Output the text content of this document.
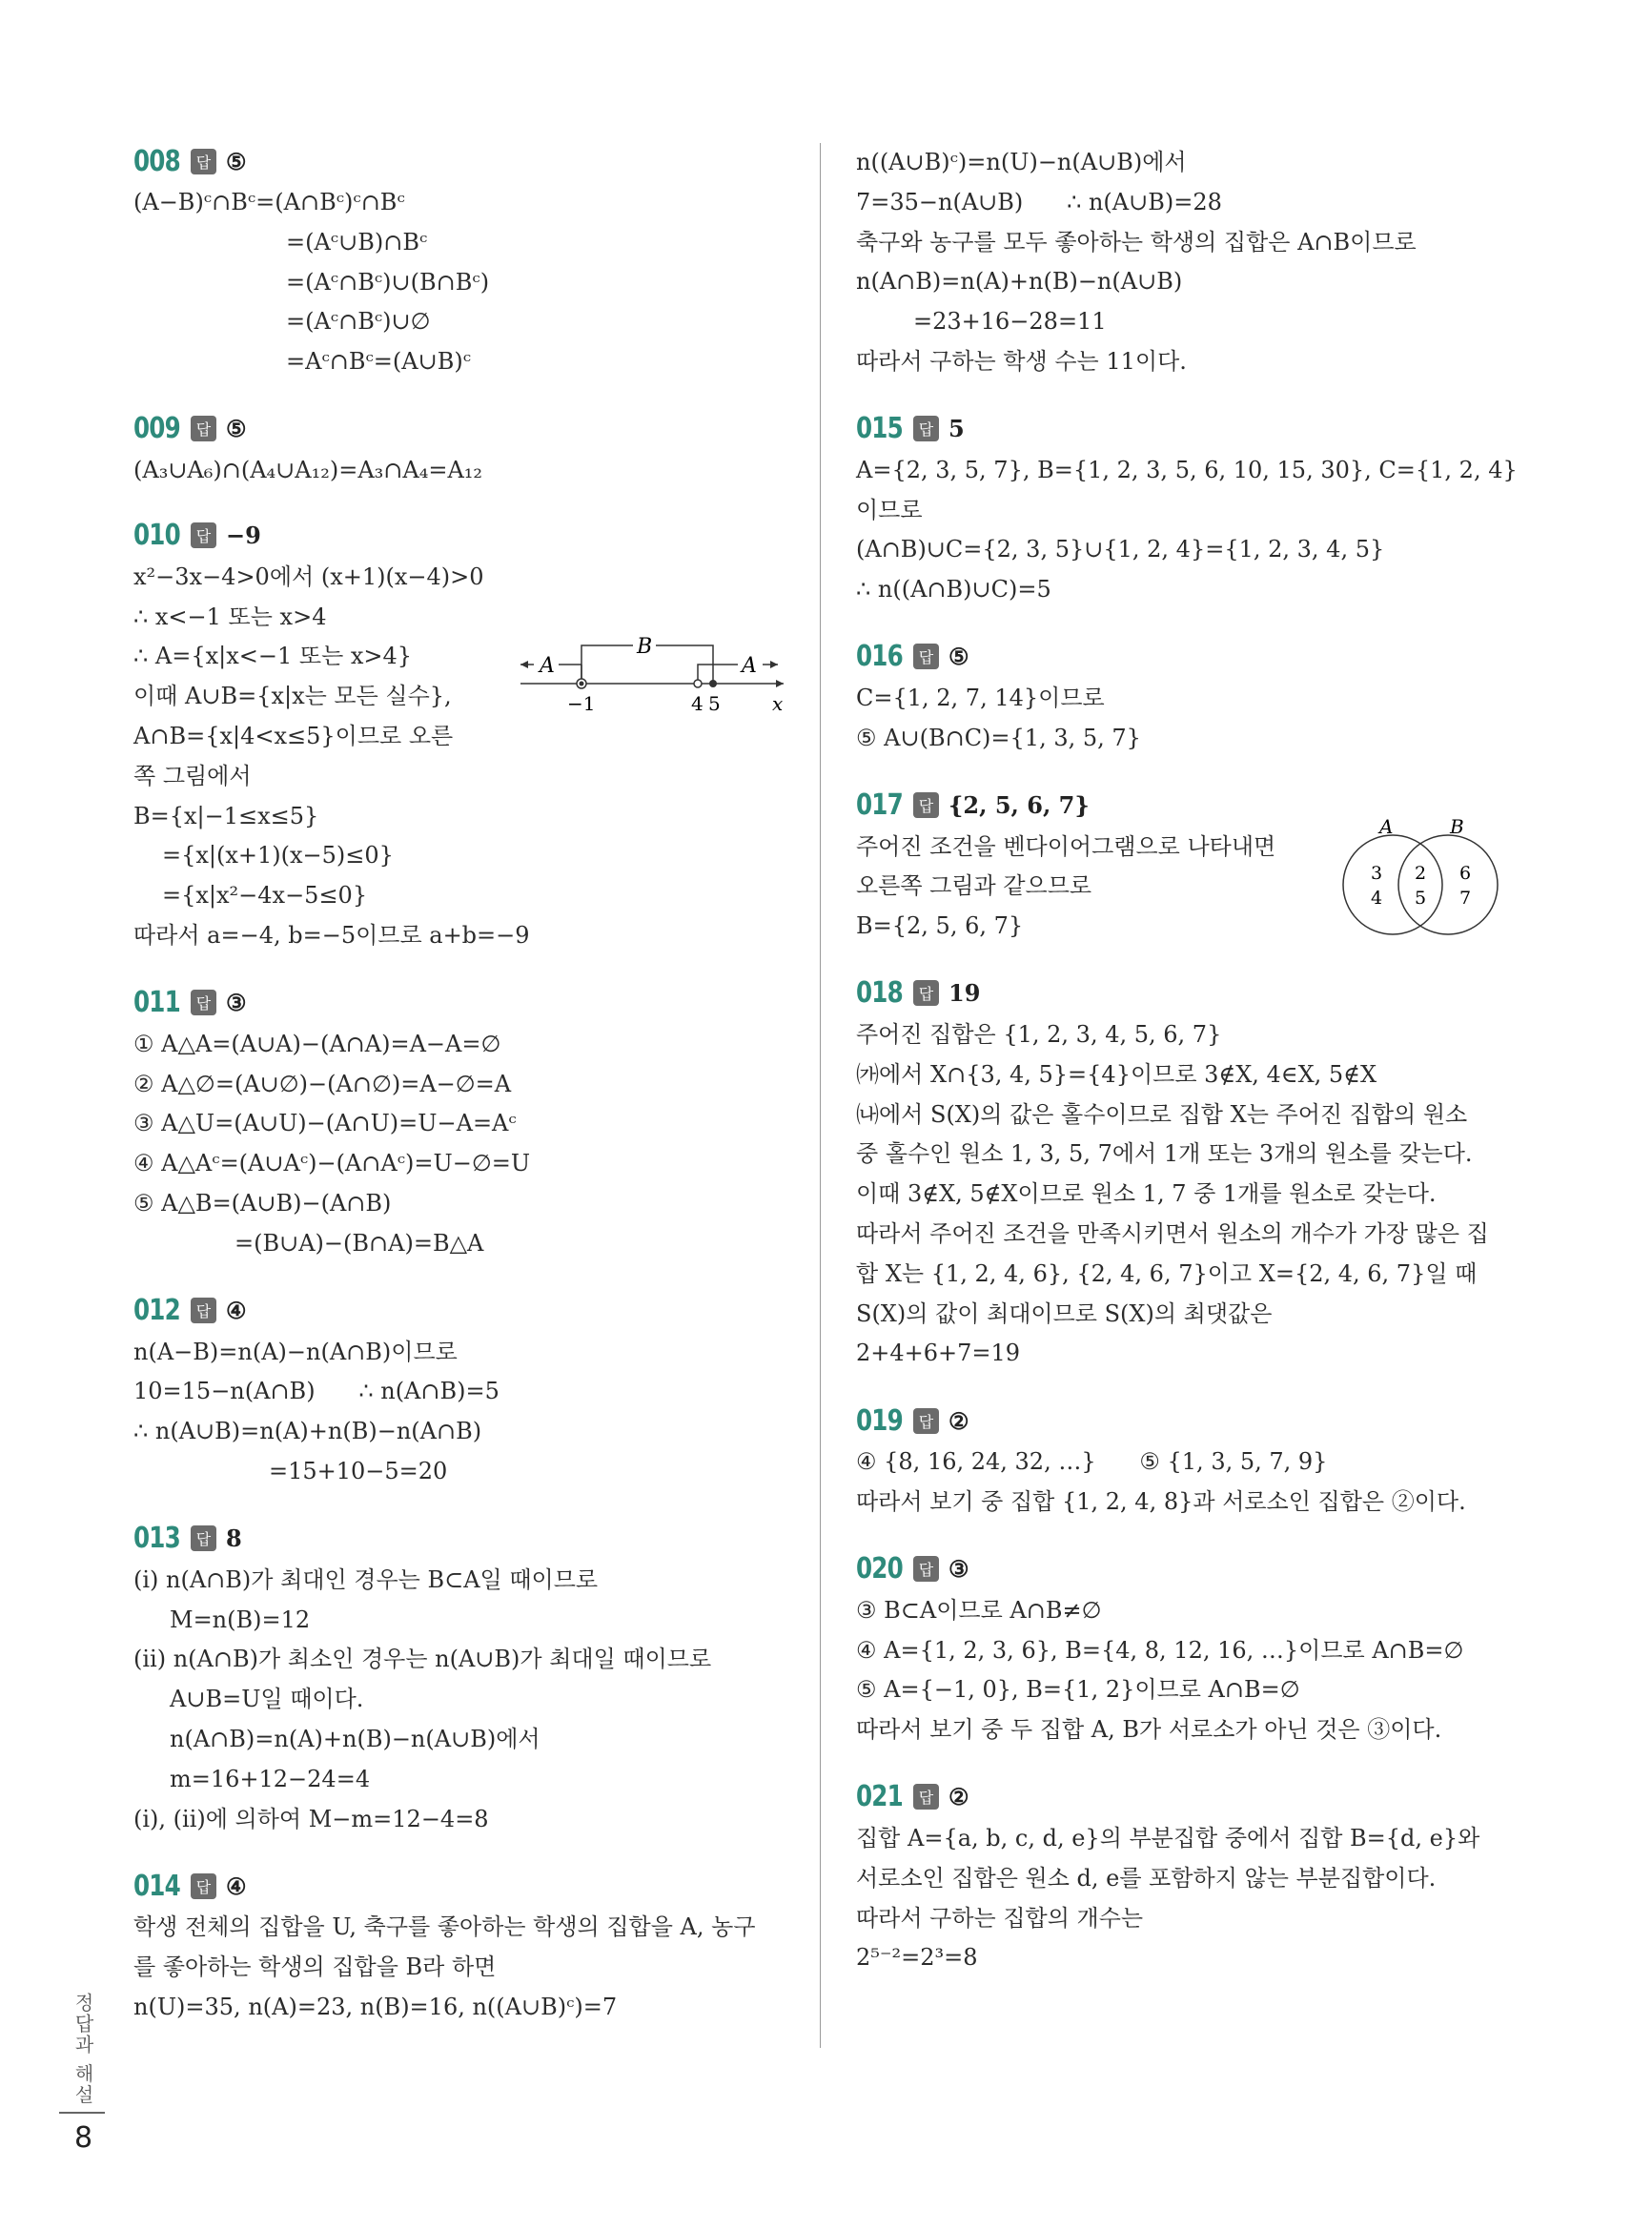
008	답 ⑤
(A−B)ᶜ∩Bᶜ=(A∩Bᶜ)ᶜ∩Bᶜ
=(Aᶜ∪B)∩Bᶜ
=(Aᶜ∩Bᶜ)∪(B∩Bᶜ)
=(Aᶜ∩Bᶜ)∪∅
=Aᶜ∩Bᶜ=(A∪B)ᶜ
009	답 ⑤
(A₃∪A₆)∩(A₄∪A₁₂)=A₃∩A₄=A₁₂
010	답 −9
x²−3x−4>0에서 (x+1)(x−4)>0
∴ x<−1 또는 x>4
∴ A={x|x<−1 또는 x>4}
이때 A∪B={x|x는 모든 실수},
A∩B={x|4<x≤5}이므로 오른
쪽 그림에서
B={x|−1≤x≤5}
={x|(x+1)(x−5)≤0}
={x|x²−4x−5≤0}
따라서 a=−4, b=−5이므로 a+b=−9
A
B
A
−1	4 5	x
011	답 ③
① A△A=(A∪A)−(A∩A)=A−A=∅
② A△∅=(A∪∅)−(A∩∅)=A−∅=A
③ A△U=(A∪U)−(A∩U)=U−A=Aᶜ
④ A△Aᶜ=(A∪Aᶜ)−(A∩Aᶜ)=U−∅=U
⑤ A△B=(A∪B)−(A∩B)
=(B∪A)−(B∩A)=B△A
012	답 ④
n(A−B)=n(A)−n(A∩B)이므로
10=15−n(A∩B)      ∴ n(A∩B)=5
∴ n(A∪B)=n(A)+n(B)−n(A∩B)
=15+10−5=20
013	답 8
(ⅰ) n(A∩B)가 최대인 경우는 B⊂A일 때이므로
M=n(B)=12
(ⅱ) n(A∩B)가 최소인 경우는 n(A∪B)가 최대일 때이므로
A∪B=U일 때이다.
n(A∩B)=n(A)+n(B)−n(A∪B)에서
m=16+12−24=4
(ⅰ), (ⅱ)에 의하여 M−m=12−4=8
014	답 ④
학생 전체의 집합을 U, 축구를 좋아하는 학생의 집합을 A, 농구
를 좋아하는 학생의 집합을 B라 하면
n(U)=35, n(A)=23, n(B)=16, n((A∪B)ᶜ)=7
n((A∪B)ᶜ)=n(U)−n(A∪B)에서
7=35−n(A∪B)      ∴ n(A∪B)=28
축구와 농구를 모두 좋아하는 학생의 집합은 A∩B이므로
n(A∩B)=n(A)+n(B)−n(A∪B)
=23+16−28=11
따라서 구하는 학생 수는 11이다.
015	답 5
A={2, 3, 5, 7}, B={1, 2, 3, 5, 6, 10, 15, 30}, C={1, 2, 4}
이므로
(A∩B)∪C={2, 3, 5}∪{1, 2, 4}={1, 2, 3, 4, 5}
∴ n((A∩B)∪C)=5
016	답 ⑤
C={1, 2, 7, 14}이므로
⑤ A∪(B∩C)={1, 3, 5, 7}
017	답 {2, 5, 6, 7}
주어진 조건을 벤다이어그램으로 나타내면
오른쪽 그림과 같으므로
B={2, 5, 6, 7}
A	B
3
4
2
5
6
7
018	답 19
주어진 집합은 {1, 2, 3, 4, 5, 6, 7}
㈎에서 X∩{3, 4, 5}={4}이므로 3∉X, 4∈X, 5∉X
㈏에서 S(X)의 값은 홀수이므로 집합 X는 주어진 집합의 원소
중 홀수인 원소 1, 3, 5, 7에서 1개 또는 3개의 원소를 갖는다.
이때 3∉X, 5∉X이므로 원소 1, 7 중 1개를 원소로 갖는다.
따라서 주어진 조건을 만족시키면서 원소의 개수가 가장 많은 집
합 X는 {1, 2, 4, 6}, {2, 4, 6, 7}이고 X={2, 4, 6, 7}일 때
S(X)의 값이 최대이므로 S(X)의 최댓값은
2+4+6+7=19
019	답 ②
④ {8, 16, 24, 32, …}      ⑤ {1, 3, 5, 7, 9}
따라서 보기 중 집합 {1, 2, 4, 8}과 서로소인 집합은 ②이다.
020	답 ③
③ B⊂A이므로 A∩B≠∅
④ A={1, 2, 3, 6}, B={4, 8, 12, 16, …}이므로 A∩B=∅
⑤ A={−1, 0}, B={1, 2}이므로 A∩B=∅
따라서 보기 중 두 집합 A, B가 서로소가 아닌 것은 ③이다.
021	답 ②
집합 A={a, b, c, d, e}의 부분집합 중에서 집합 B={d, e}와
서로소인 집합은 원소 d, e를 포함하지 않는 부분집합이다.
따라서 구하는 집합의 개수는
2⁵⁻²=2³=8
정답과 해설
8
